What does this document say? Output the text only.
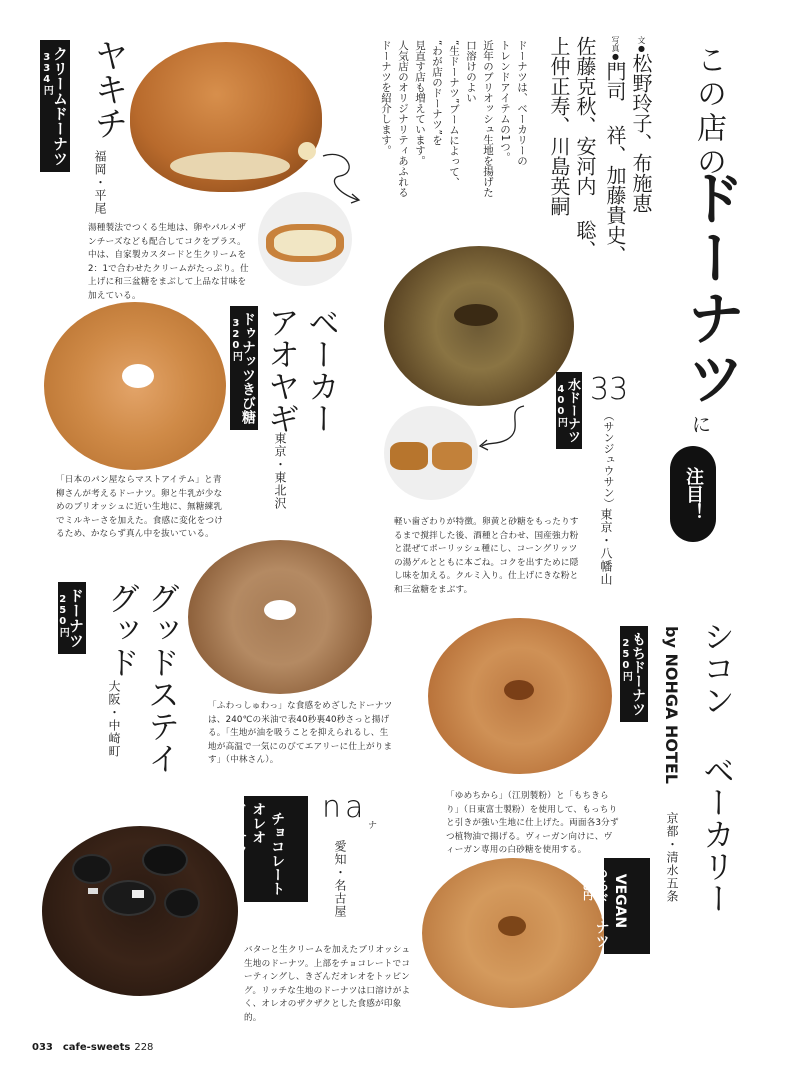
この店の
ドーナツ
に
注目！
文●松野玲子、布施恵
写真●門司 祥、加藤貴史、
佐藤克秋、安河内 聡、
上仲正寿、川島英嗣
ドーナツは、ベーカリーの
トレンドアイテムの1つ。
近年のブリオッシュ生地を揚げた
口溶けのよい
“生ドーナツ”ブームによって、
“わが店のドーナツ”を
見直す店も増えています。
人気店のオリジナリティあふれる
ドーナツを紹介します。
クリームドーナツ
334円 ヤキチ
福岡・平尾
湯種製法でつくる生地は、卵やパルメザンチーズなども配合してコクをプラス。中は、自家製カスタードと生クリームを2：1で合わせたクリームがたっぷり。仕上げに和三盆糖をまぶして上品な甘味を加えている。
ドゥナッツきび糖
320円	ベーカー
アオヤギ
東京・東北沢
「日本のパン屋ならマストアイテム」と青柳さんが考えるドーナツ。卵と牛乳が少なめのブリオッシュに近い生地に、無糖練乳でミルキーさを加えた。食感に変化をつけるため、かならず真ん中を抜いている。
水ドーナツ
400円 33
（サンジュウサン）
東京・八幡山
軽い歯ざわりが特徴。卵黄と砂糖をもったりするまで撹拌した後、酒種と合わせ、国産強力粉と混ぜてポーリッシュ種にし、コーングリッツの湯ゲルとともに本ごね。コクを出すために隠し味を加える。クルミ入り。仕上げにきな粉と和三盆糖をまぶす。
ドーナツ
250円	グッドステイ
グッド
大阪・中崎町	「ふわっしゅわっ」な食感をめざしたドーナツは、240℃の米油で表40秒裏40秒さっと揚げる。「生地が油を吸うことを抑えられるし、生地が高温で一気にのびてエアリーに仕上がります」（中林さん）。
もちドーナツ
250円 シコン ベーカリー
by NOHGA HOTEL
京都・清水五条
「ゆめちから」（江別製粉）と「もちきらり」（日東富士製粉）を使用して、もっちりと引きが強い生地に仕上げた。両面各3分ずつ植物油で揚げる。ヴィーガン向けに、ヴィーガン専用の白砂糖を使用する。

VEGAN
もちドーナツ
250円

チョコレート
オレオ
ドーナツ
330円	na
ナ
愛知・名古屋
バターと生クリームを加えたブリオッシュ生地のドーナツ。上部をチョコレートでコーティングし、きざんだオレオをトッピング。リッチな生地のドーナツは口溶けがよく、オレオのザクザクとした食感が印象的。
033 cafe-sweets 228
